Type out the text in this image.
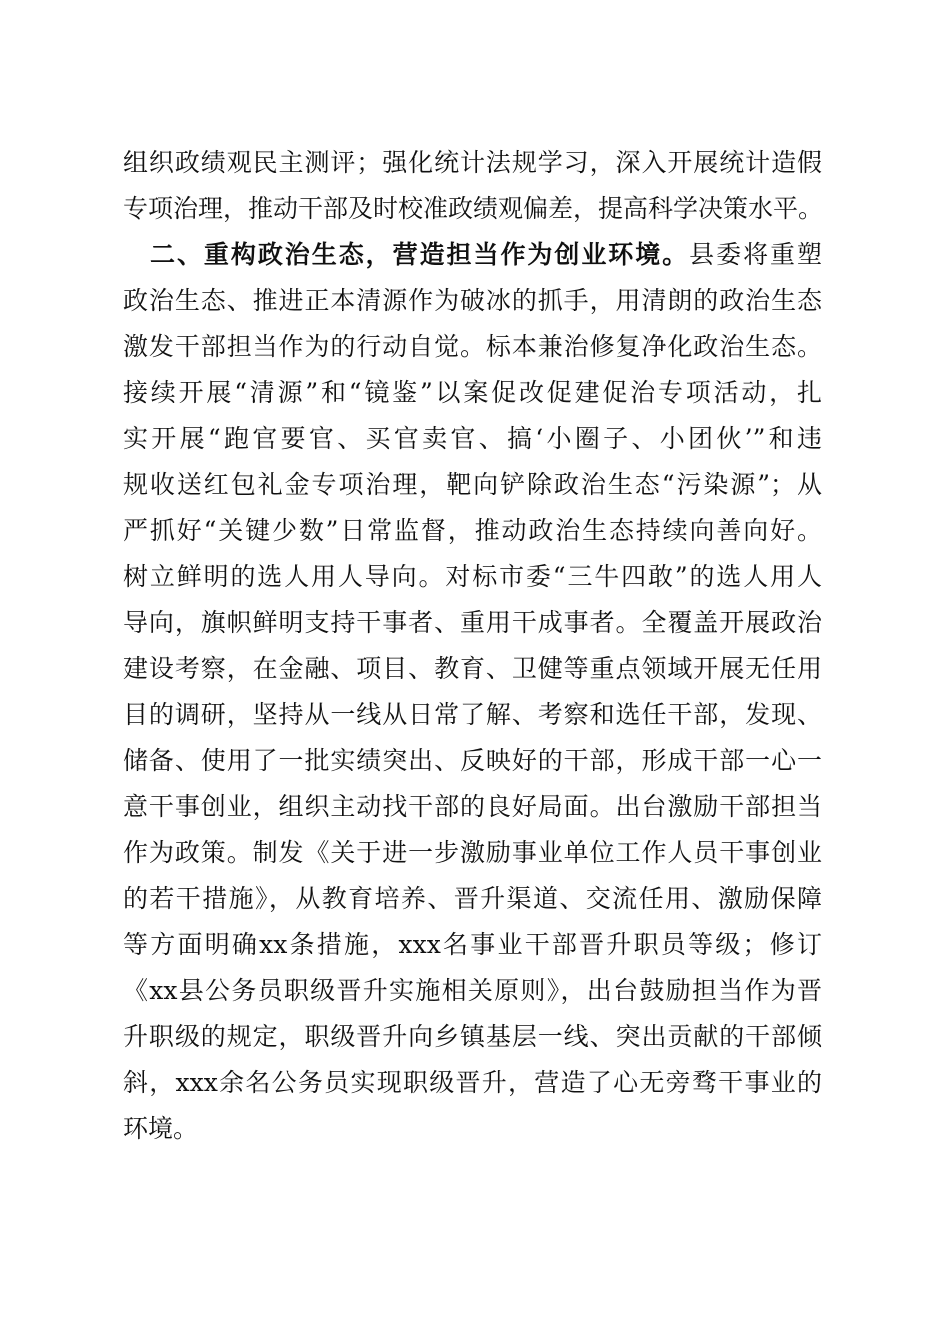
组织政绩观民主测评；强化统计法规学习，深入开展统计造假
专项治理，推动干部及时校准政绩观偏差，提高科学决策水平。
二、重构政治生态，营造担当作为创业环境。县委将重塑
政治生态、推进正本清源作为破冰的抓手，用清朗的政治生态
激发干部担当作为的行动自觉。标本兼治修复净化政治生态。
接续开展“清源”和“镜鉴”以案促改促建促治专项活动，扎
实开展“跑官要官、买官卖官、搞‘小圈子、小团伙’”和违
规收送红包礼金专项治理，靶向铲除政治生态“污染源”；从
严抓好“关键少数”日常监督，推动政治生态持续向善向好。
树立鲜明的选人用人导向。对标市委“三牛四敢”的选人用人
导向，旗帜鲜明支持干事者、重用干成事者。全覆盖开展政治
建设考察，在金融、项目、教育、卫健等重点领域开展无任用
目的调研，坚持从一线从日常了解、考察和选任干部，发现、
储备、使用了一批实绩突出、反映好的干部，形成干部一心一
意干事创业，组织主动找干部的良好局面。出台激励干部担当
作为政策。制发《关于进一步激励事业单位工作人员干事创业
的若干措施》，从教育培养、晋升渠道、交流任用、激励保障
等方面明确xx条措施，xxx名事业干部晋升职员等级；修订
《xx县公务员职级晋升实施相关原则》，出台鼓励担当作为晋
升职级的规定，职级晋升向乡镇基层一线、突出贡献的干部倾
斜，xxx余名公务员实现职级晋升，营造了心无旁骛干事业的
环境。
